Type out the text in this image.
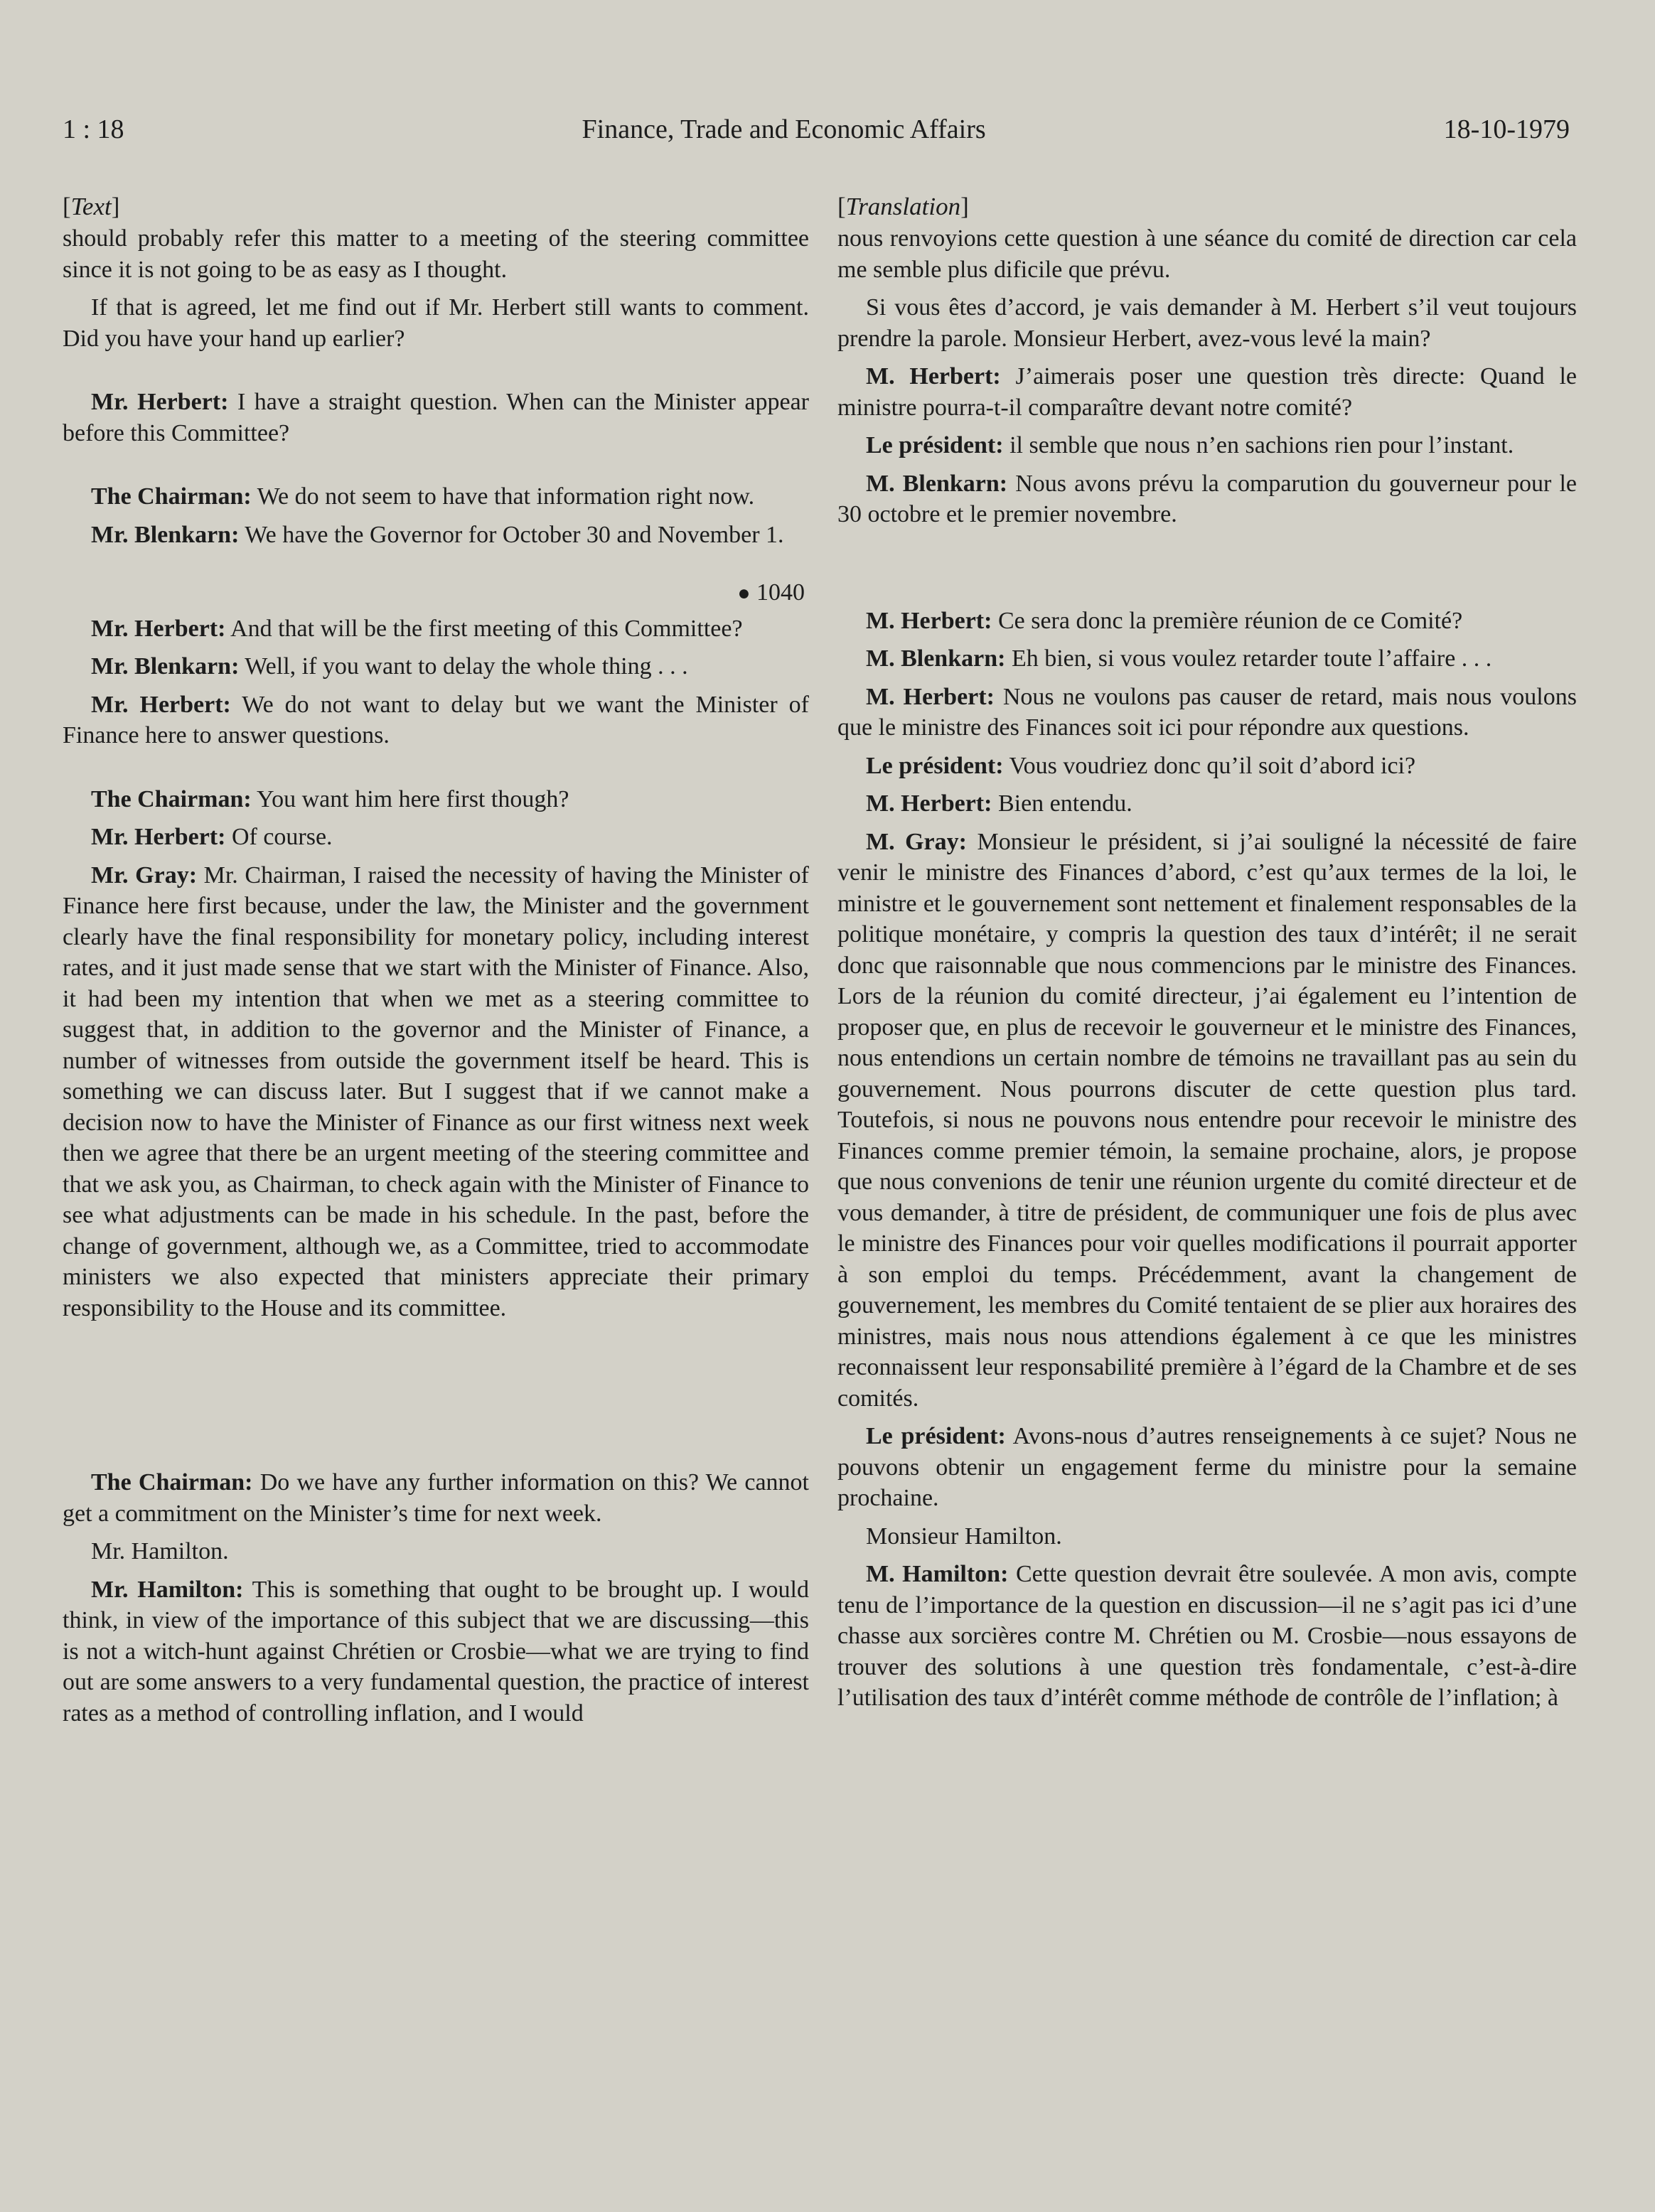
1 : 18	Finance, Trade and Economic Affairs	18-10-1979
[Text]

should probably refer this matter to a meeting of the steering committee since it is not going to be as easy as I thought.

If that is agreed, let me find out if Mr. Herbert still wants to comment. Did you have your hand up earlier?

Mr. Herbert: I have a straight question. When can the Minister appear before this Committee?

The Chairman: We do not seem to have that information right now.

Mr. Blenkarn: We have the Governor for October 30 and November 1.

● 1040

Mr. Herbert: And that will be the first meeting of this Committee?

Mr. Blenkarn: Well, if you want to delay the whole thing . . .

Mr. Herbert: We do not want to delay but we want the Minister of Finance here to answer questions.

The Chairman: You want him here first though?

Mr. Herbert: Of course.

Mr. Gray: Mr. Chairman, I raised the necessity of having the Minister of Finance here first because, under the law, the Minister and the government clearly have the final responsibility for monetary policy, including interest rates, and it just made sense that we start with the Minister of Finance. Also, it had been my intention that when we met as a steering committee to suggest that, in addition to the governor and the Minister of Finance, a number of witnesses from outside the government itself be heard. This is something we can discuss later. But I suggest that if we cannot make a decision now to have the Minister of Finance as our first witness next week then we agree that there be an urgent meeting of the steering committee and that we ask you, as Chairman, to check again with the Minister of Finance to see what adjustments can be made in his schedule. In the past, before the change of government, although we, as a Committee, tried to accommodate ministers we also expected that ministers appreciate their primary responsibility to the House and its committee.

The Chairman: Do we have any further information on this? We cannot get a commitment on the Minister’s time for next week.

Mr. Hamilton.

Mr. Hamilton: This is something that ought to be brought up. I would think, in view of the importance of this subject that we are discussing—this is not a witch-hunt against Chrétien or Crosbie—what we are trying to find out are some answers to a very fundamental question, the practice of interest rates as a method of controlling inflation, and I would

[Translation]

nous renvoyions cette question à une séance du comité de direction car cela me semble plus dificile que prévu.

Si vous êtes d’accord, je vais demander à M. Herbert s’il veut toujours prendre la parole. Monsieur Herbert, avez-vous levé la main?

M. Herbert: J’aimerais poser une question très directe: Quand le ministre pourra-t-il comparaître devant notre comité?

Le président: il semble que nous n’en sachions rien pour l’instant.

M. Blenkarn: Nous avons prévu la comparution du gouverneur pour le 30 octobre et le premier novembre.

M. Herbert: Ce sera donc la première réunion de ce Comité?

M. Blenkarn: Eh bien, si vous voulez retarder toute l’affaire . . .

M. Herbert: Nous ne voulons pas causer de retard, mais nous voulons que le ministre des Finances soit ici pour répondre aux questions.

Le président: Vous voudriez donc qu’il soit d’abord ici?

M. Herbert: Bien entendu.

M. Gray: Monsieur le président, si j’ai souligné la nécessité de faire venir le ministre des Finances d’abord, c’est qu’aux termes de la loi, le ministre et le gouvernement sont nettement et finalement responsables de la politique monétaire, y compris la question des taux d’intérêt; il ne serait donc que raisonnable que nous commencions par le ministre des Finances. Lors de la réunion du comité directeur, j’ai également eu l’intention de proposer que, en plus de recevoir le gouverneur et le ministre des Finances, nous entendions un certain nombre de témoins ne travaillant pas au sein du gouvernement. Nous pourrons discuter de cette question plus tard. Toutefois, si nous ne pouvons nous entendre pour recevoir le ministre des Finances comme premier témoin, la semaine prochaine, alors, je propose que nous convenions de tenir une réunion urgente du comité directeur et de vous demander, à titre de président, de communiquer une fois de plus avec le ministre des Finances pour voir quelles modifications il pourrait apporter à son emploi du temps. Précédemment, avant la changement de gouvernement, les membres du Comité tentaient de se plier aux horaires des ministres, mais nous nous attendions également à ce que les ministres reconnaissent leur responsabilité première à l’égard de la Chambre et de ses comités.

Le président: Avons-nous d’autres renseignements à ce sujet? Nous ne pouvons obtenir un engagement ferme du ministre pour la semaine prochaine.

Monsieur Hamilton.

M. Hamilton: Cette question devrait être soulevée. A mon avis, compte tenu de l’importance de la question en discussion—il ne s’agit pas ici d’une chasse aux sorcières contre M. Chrétien ou M. Crosbie—nous essayons de trouver des solutions à une question très fondamentale, c’est-à-dire l’utilisation des taux d’intérêt comme méthode de contrôle de l’inflation; à
